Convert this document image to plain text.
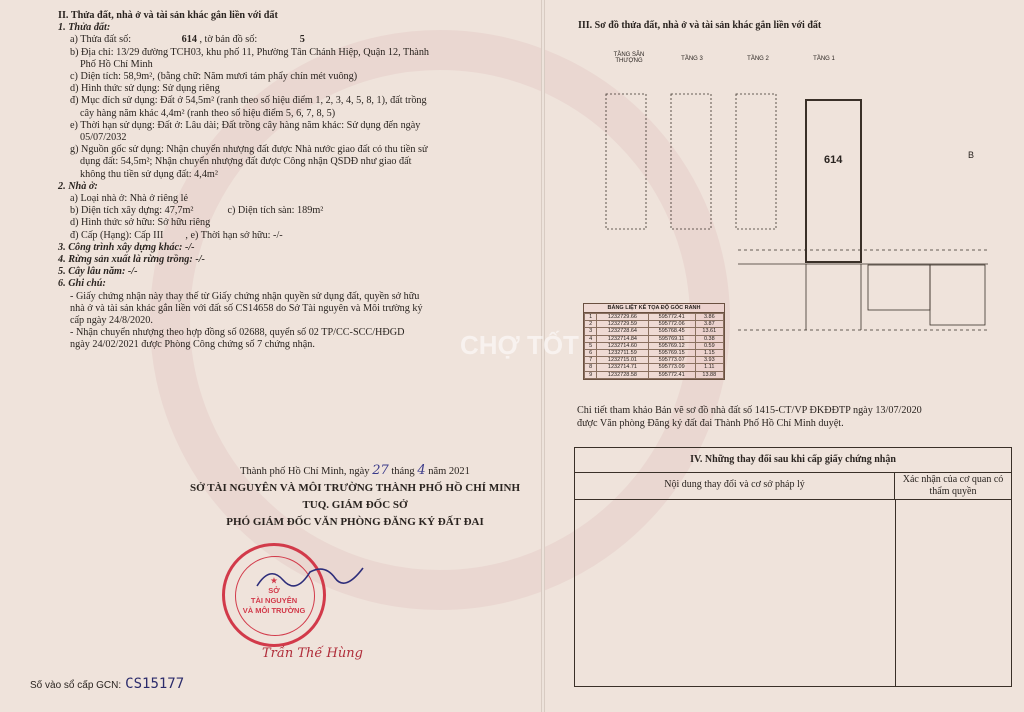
II. Thửa đất, nhà ở và tài sản khác gắn liền với đất

1. Thửa đất:

a) Thửa đất số:	614 , tờ bản đồ số:	5

b) Địa chỉ: 13/29 đường TCH03, khu phố 11, Phường Tân Chánh Hiệp, Quận 12, Thành

Phố Hồ Chí Minh

c) Diện tích: 58,9m², (bằng chữ: Năm mươi tám phẩy chín mét vuông)

d) Hình thức sử dụng: Sử dụng riêng

đ) Mục đích sử dụng: Đất ở 54,5m² (ranh theo số hiệu điểm 1, 2, 3, 4, 5, 8, 1), đất trồng

cây hàng năm khác 4,4m² (ranh theo số hiệu điểm 5, 6, 7, 8, 5)

e) Thời hạn sử dụng: Đất ở: Lâu dài; Đất trồng cây hàng năm khác: Sử dụng đến ngày

05/07/2032

g) Nguồn gốc sử dụng: Nhận chuyển nhượng đất được Nhà nước giao đất có thu tiền sử

dụng đất: 54,5m²; Nhận chuyển nhượng đất được Công nhận QSDĐ như giao đất

không thu tiền sử dụng đất: 4,4m²

2. Nhà ở:

a) Loại nhà ở: Nhà ở riêng lẻ

b) Diện tích xây dựng: 47,7m²	c) Diện tích sàn: 189m²

d) Hình thức sở hữu: Sở hữu riêng

đ) Cấp (Hạng): Cấp III , e) Thời hạn sở hữu: -/-

3. Công trình xây dựng khác: -/-

4. Rừng sản xuất là rừng trồng: -/-

5. Cây lâu năm: -/-

6. Ghi chú:

- Giấy chứng nhận này thay thế từ Giấy chứng nhận quyền sử dụng đất, quyền sở hữu

nhà ở và tài sản khác gắn liền với đất số CS14658 do Sở Tài nguyên và Môi trường ký

cấp ngày 24/8/2020.

- Nhận chuyển nhượng theo hợp đồng số 02688, quyển số 02 TP/CC-SCC/HĐGD

ngày 24/02/2021 được Phòng Công chứng số 7 chứng nhận.

Thành phố Hồ Chí Minh, ngày 27 tháng 4 năm 2021
SỞ TÀI NGUYÊN VÀ MÔI TRƯỜNG THÀNH PHỐ HỒ CHÍ MINH
TUQ. GIÁM ĐỐC SỞ
PHÓ GIÁM ĐỐC VĂN PHÒNG ĐĂNG KÝ ĐẤT ĐAI
★
SỞ
TÀI NGUYÊN
VÀ MÔI TRƯỜNG
Trần Thế Hùng
Số vào sổ cấp GCN: CS15177
III. Sơ đồ thửa đất, nhà ở và tài sản khác gắn liền với đất
TẦNG SÂN THƯỢNG	TẦNG 3	TẦNG 2	TẦNG 1
614	B
BẢNG LIỆT KÊ TỌA ĐỘ GÓC RANH
1	1232729.66	595772.41	3.86
2	1232729.59	595772.06	3.87
3	1232728.64	595768.45	13.61
4	1232714.84	595769.11	0.38
5	1232714.60	595769.12	0.59
6	1232711.59	595769.15	1.15
7	1232715.01	595773.07	3.93
8	1232714.71	595773.09	1.11
9	1232728.58	595772.41	13.88
CHỢ TỐT
Chi tiết tham khảo Bản vẽ sơ đồ nhà đất số 1415-CT/VP ĐKĐĐTP ngày 13/07/2020
được Văn phòng Đăng ký đất đai Thành Phố Hồ Chí Minh duyệt.
IV. Những thay đổi sau khi cấp giấy chứng nhận
Nội dung thay đổi và cơ sở pháp lý	Xác nhận của cơ quan có thẩm quyền
